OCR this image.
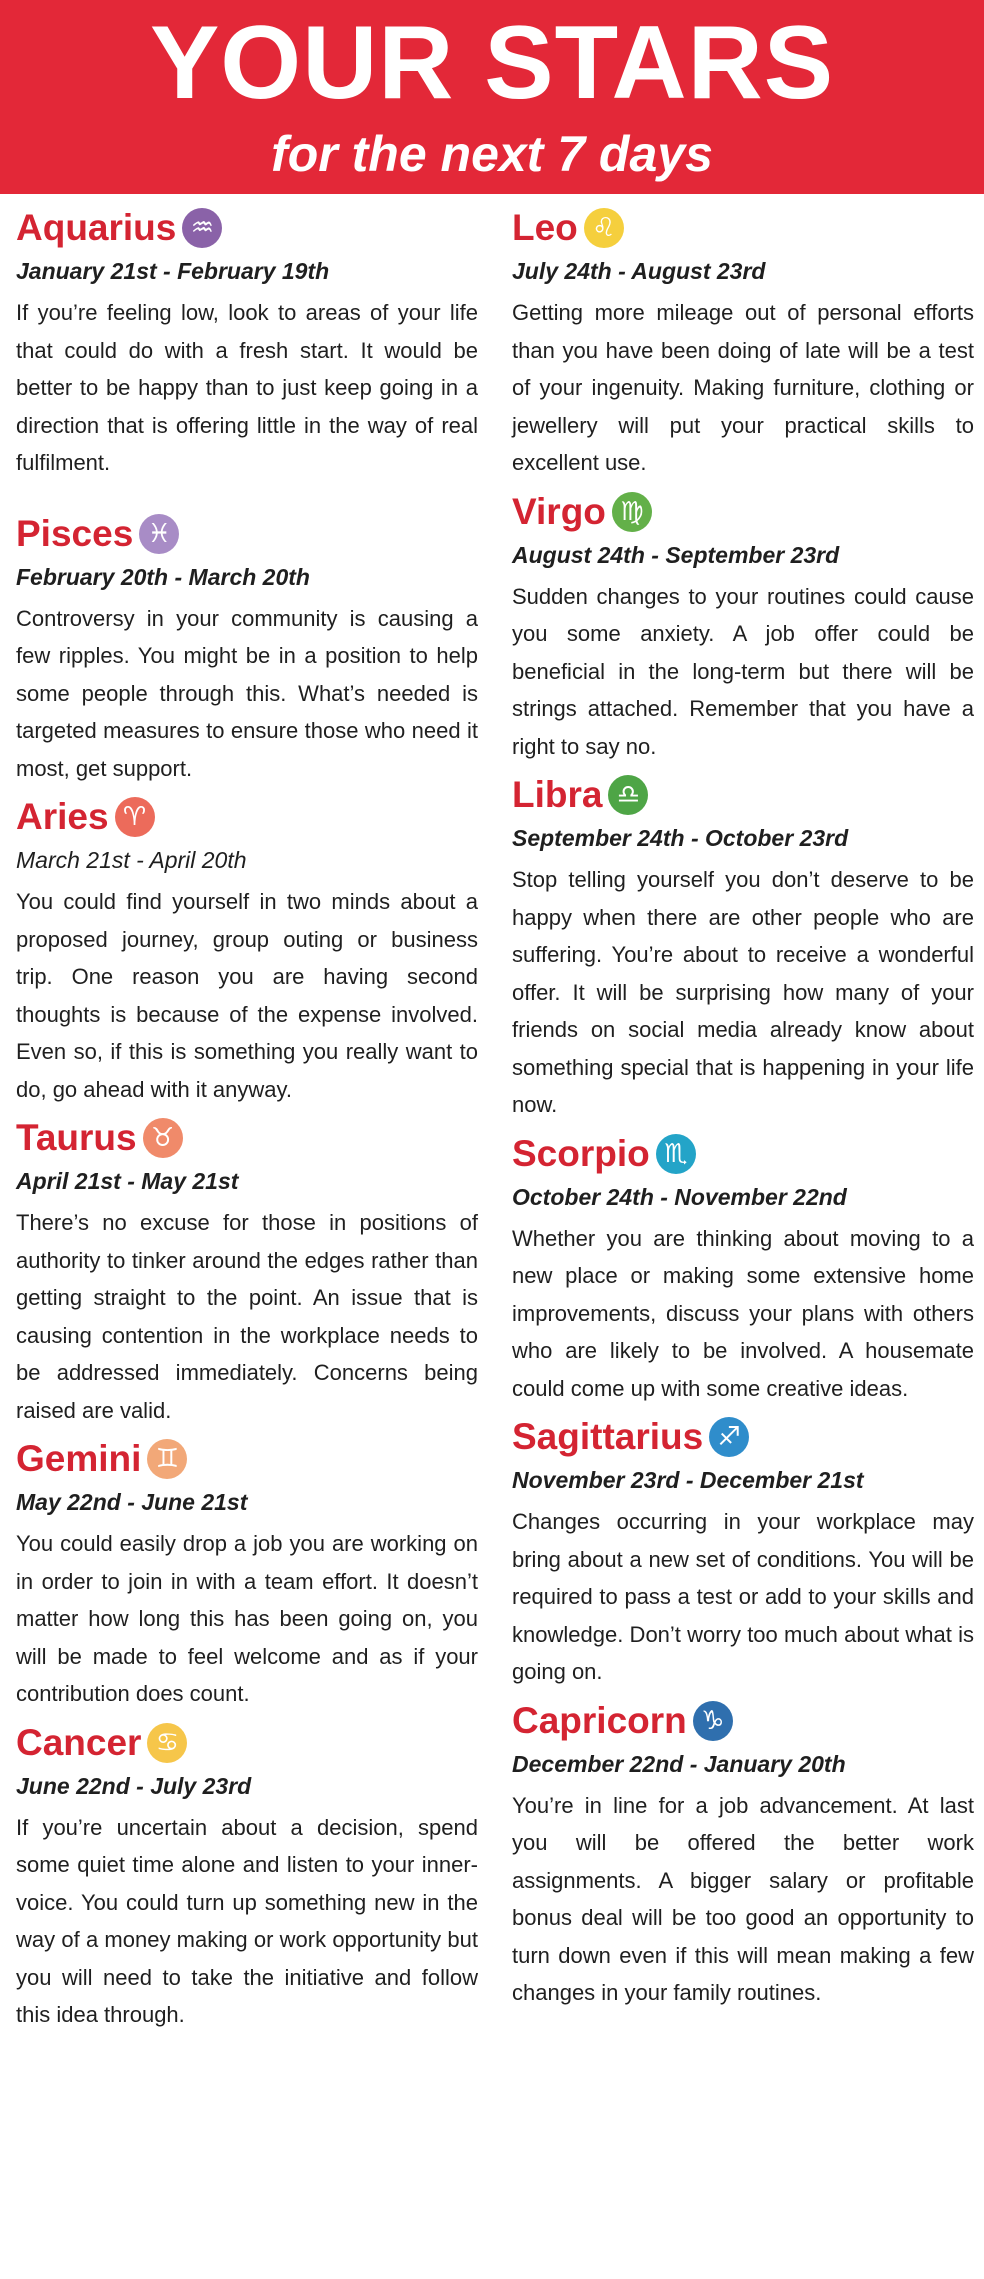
YOUR STARS
for the next 7 days
Aquarius ♒
January 21st - February 19th
If you’re feeling low, look to areas of your life that could do with a fresh start. It would be better to be happy than to just keep going in a direction that is offering little in the way of real fulfilment.
Pisces ♓
February 20th - March 20th
Controversy in your community is causing a few ripples. You might be in a position to help some people through this. What’s needed is targeted measures to ensure those who need it most, get support.
Aries ♈
March 21st - April 20th
You could find yourself in two minds about a proposed journey, group outing or business trip. One reason you are having second thoughts is because of the expense involved. Even so, if this is something you really want to do, go ahead with it anyway.
Taurus ♉
April 21st - May 21st
There’s no excuse for those in positions of authority to tinker around the edges rather than getting straight to the point. An issue that is causing contention in the workplace needs to be addressed immediately. Concerns being raised are valid.
Gemini ♊
May 22nd - June 21st
You could easily drop a job you are working on in order to join in with a team effort. It doesn’t matter how long this has been going on, you will be made to feel welcome and as if your contribution does count.
Cancer ♋
June 22nd - July 23rd
If you’re uncertain about a decision, spend some quiet time alone and listen to your inner-voice. You could turn up something new in the way of a money making or work opportunity but you will need to take the initiative and follow this idea through.
Leo ♌
July 24th - August 23rd
Getting more mileage out of personal efforts than you have been doing of late will be a test of your ingenuity. Making furniture, clothing or jewellery will put your practical skills to excellent use.
Virgo ♍
August 24th - September 23rd
Sudden changes to your routines could cause you some anxiety. A job offer could be beneficial in the long-term but there will be strings attached. Remember that you have a right to say no.
Libra ♎
September 24th - October 23rd
Stop telling yourself you don’t deserve to be happy when there are other people who are suffering. You’re about to receive a wonderful offer. It will be surprising how many of your friends on social media already know about something special that is happening in your life now.
Scorpio ♏
October 24th - November 22nd
Whether you are thinking about moving to a new place or making some extensive home improvements, discuss your plans with others who are likely to be involved. A housemate could come up with some creative ideas.
Sagittarius ♐
November 23rd - December 21st
Changes occurring in your workplace may bring about a new set of conditions. You will be required to pass a test or add to your skills and knowledge. Don’t worry too much about what is going on.
Capricorn ♑
December 22nd - January 20th
You’re in line for a job advancement. At last you will be offered the better work assignments. A bigger salary or profitable bonus deal will be too good an opportunity to turn down even if this will mean making a few changes in your family routines.
